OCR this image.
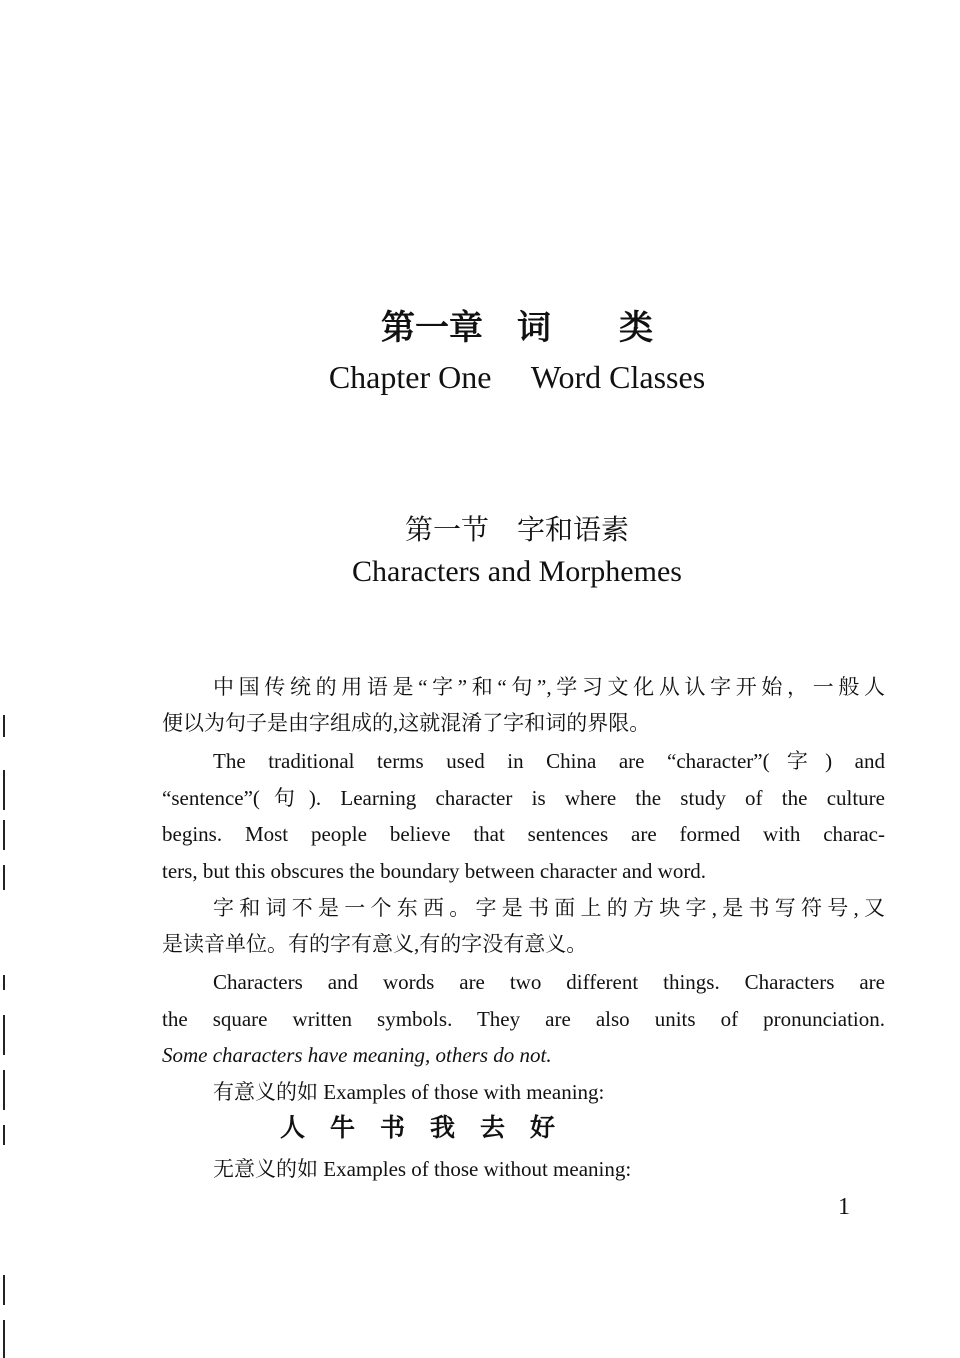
第一章　词　　类
Chapter One　 Word Classes
第一节　字和语素
Characters and Morphemes
中国传统的用语是“字”和“句”,学习文化从认字开始，一般人
便以为句子是由字组成的,这就混淆了字和词的界限。
The traditional terms used in China are “character”(字) and
“sentence”(句). Learning character is where the study of the culture
begins. Most people believe that sentences are formed with charac-
ters, but this obscures the boundary between character and word.
字和词不是一个东西。字是书面上的方块字,是书写符号,又
是读音单位。有的字有意义,有的字没有意义。
Characters and words are two different things. Characters are
the square written symbols. They are also units of pronunciation.
Some characters have meaning, others do not.
有意义的如 Examples of those with meaning:
人　牛　书　我　去　好
无意义的如 Examples of those without meaning:
1
